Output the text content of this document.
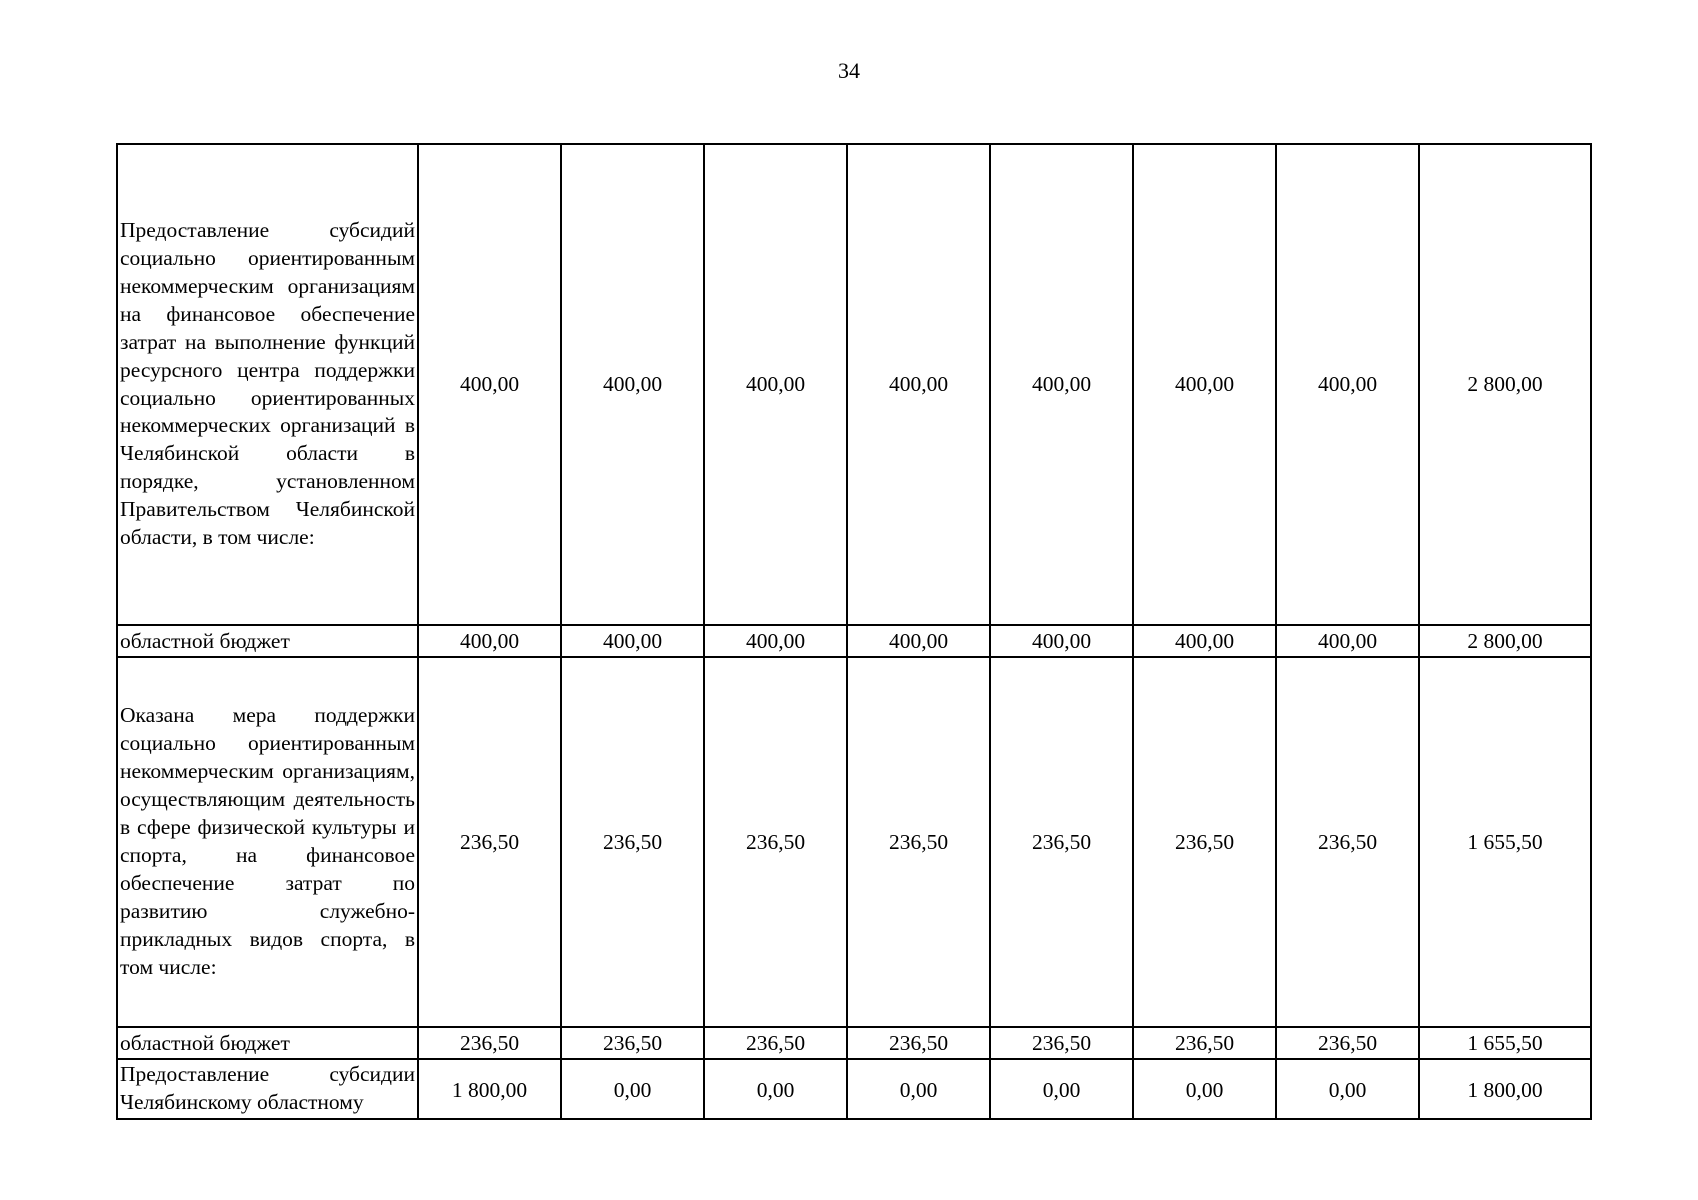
34
Предоставление субсидий социально ориентированным некоммерческим организациям на финансовое обеспечение затрат на выполнение функций ресурсного центра поддержки социально ориентированных некоммерческих организаций в Челябинской области в порядке, установленном Правительством Челябинской области, в том числе:	400,00	400,00	400,00	400,00	400,00	400,00	400,00	2 800,00
областной бюджет	400,00	400,00	400,00	400,00	400,00	400,00	400,00	2 800,00
Оказана мера поддержки социально ориентированным некоммерческим организациям, осуществляющим деятельность в сфере физической культуры и спорта, на финансовое обеспечение затрат по развитию служебно-прикладных видов спорта, в том числе:	236,50	236,50	236,50	236,50	236,50	236,50	236,50	1 655,50
областной бюджет	236,50	236,50	236,50	236,50	236,50	236,50	236,50	1 655,50

Предоставление субсидии Челябинскому областному	1 800,00	0,00	0,00	0,00	0,00	0,00	0,00	1 800,00
